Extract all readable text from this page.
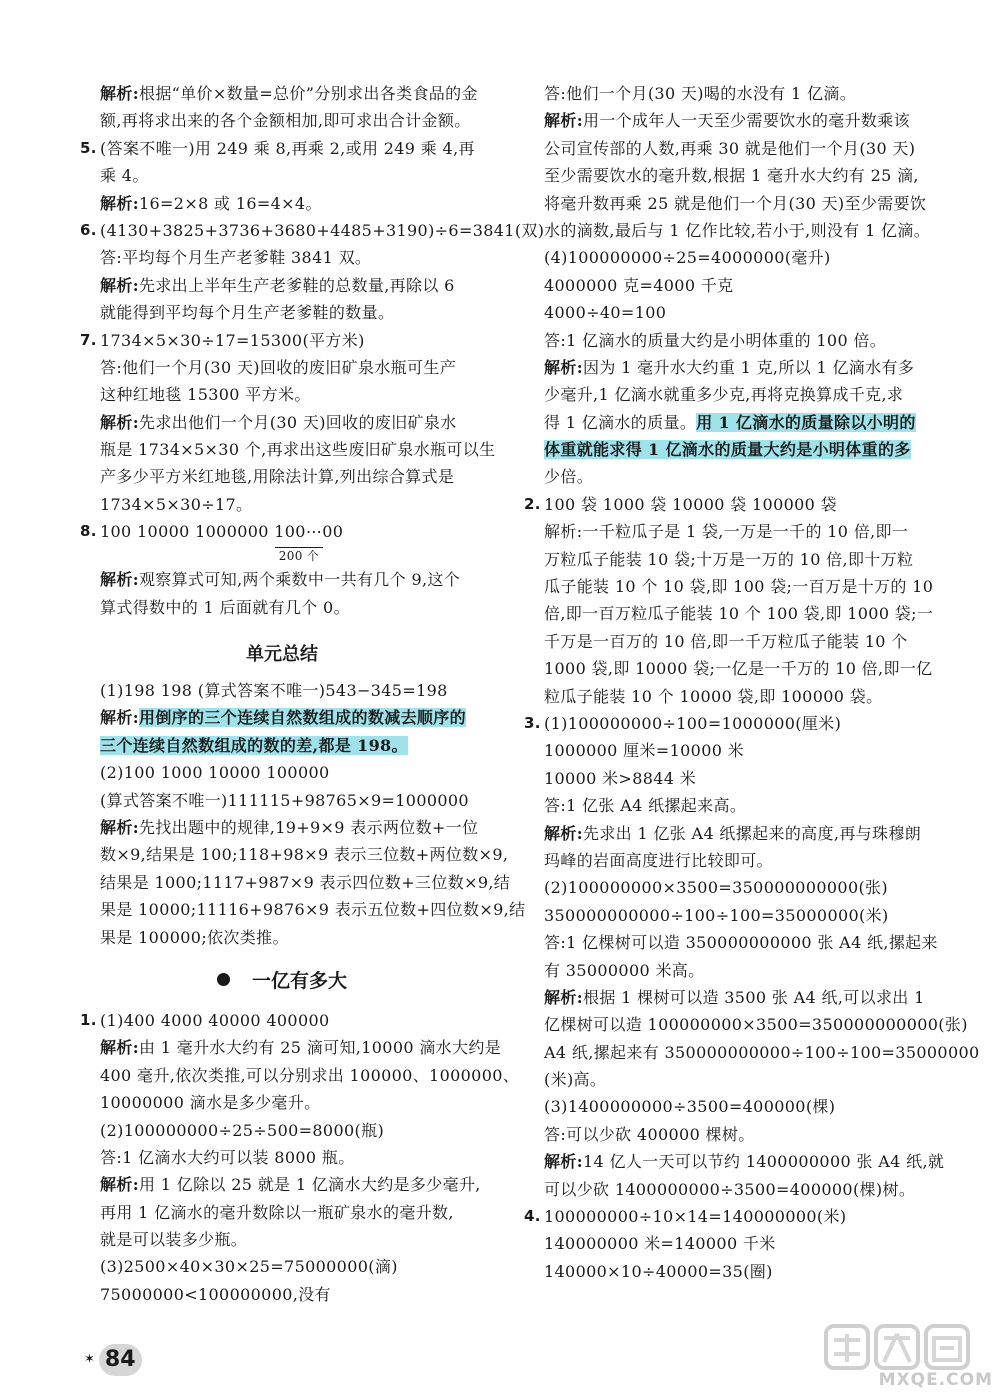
解析:根据“单价×数量=总价”分别求出各类食品的金
额,再将求出来的各个金额相加,即可求出合计金额。
5. (答案不唯一)用 249 乘 8,再乘 2,或用 249 乘 4,再
乘 4。
解析:16=2×8 或 16=4×4。
6. (4130+3825+3736+3680+4485+3190)÷6=3841(双)
答:平均每个月生产老爹鞋 3841 双。
解析:先求出上半年生产老爹鞋的总数量,再除以 6
就能得到平均每个月生产老爹鞋的数量。
7. 1734×5×30÷17=15300(平方米)
答:他们一个月(30 天)回收的废旧矿泉水瓶可生产
这种红地毯 15300 平方米。
解析:先求出他们一个月(30 天)回收的废旧矿泉水
瓶是 1734×5×30 个,再求出这些废旧矿泉水瓶可以生
产多少平方米红地毯,用除法计算,列出综合算式是
1734×5×30÷17。
8. 100 10000 1000000 100⋯00
200 个
解析:观察算式可知,两个乘数中一共有几个 9,这个
算式得数中的 1 后面就有几个 0。
单元总结
(1)198 198 (算式答案不唯一)543−345=198
解析:用倒序的三个连续自然数组成的数减去顺序的
三个连续自然数组成的数的差,都是 198。
(2)100 1000 10000 100000
(算式答案不唯一)111115+98765×9=1000000
解析:先找出题中的规律,19+9×9 表示两位数+一位
数×9,结果是 100;118+98×9 表示三位数+两位数×9,
结果是 1000;1117+987×9 表示四位数+三位数×9,结
果是 10000;11116+9876×9 表示五位数+四位数×9,结
果是 100000;依次类推。
一亿有多大
1. (1)400 4000 40000 400000
解析:由 1 毫升水大约有 25 滴可知,10000 滴水大约是
400 毫升,依次类推,可以分别求出 100000、1000000、
10000000 滴水是多少毫升。
(2)100000000÷25÷500=8000(瓶)
答:1 亿滴水大约可以装 8000 瓶。
解析:用 1 亿除以 25 就是 1 亿滴水大约是多少毫升,
再用 1 亿滴水的毫升数除以一瓶矿泉水的毫升数,
就是可以装多少瓶。
(3)2500×40×30×25=75000000(滴)
75000000<100000000,没有
答:他们一个月(30 天)喝的水没有 1 亿滴。
解析:用一个成年人一天至少需要饮水的毫升数乘该
公司宣传部的人数,再乘 30 就是他们一个月(30 天)
至少需要饮水的毫升数,根据 1 毫升水大约有 25 滴,
将毫升数再乘 25 就是他们一个月(30 天)至少需要饮
水的滴数,最后与 1 亿作比较,若小于,则没有 1 亿滴。
(4)100000000÷25=4000000(毫升)
4000000 克=4000 千克
4000÷40=100
答:1 亿滴水的质量大约是小明体重的 100 倍。
解析:因为 1 毫升水大约重 1 克,所以 1 亿滴水有多
少毫升,1 亿滴水就重多少克,再将克换算成千克,求
得 1 亿滴水的质量。用 1 亿滴水的质量除以小明的
体重就能求得 1 亿滴水的质量大约是小明体重的多
少倍。
2. 100 袋 1000 袋 10000 袋 100000 袋
解析:一千粒瓜子是 1 袋,一万是一千的 10 倍,即一
万粒瓜子能装 10 袋;十万是一万的 10 倍,即十万粒
瓜子能装 10 个 10 袋,即 100 袋;一百万是十万的 10
倍,即一百万粒瓜子能装 10 个 100 袋,即 1000 袋;一
千万是一百万的 10 倍,即一千万粒瓜子能装 10 个
1000 袋,即 10000 袋;一亿是一千万的 10 倍,即一亿
粒瓜子能装 10 个 10000 袋,即 100000 袋。
3. (1)100000000÷100=1000000(厘米)
1000000 厘米=10000 米
10000 米>8844 米
答:1 亿张 A4 纸摞起来高。
解析:先求出 1 亿张 A4 纸摞起来的高度,再与珠穆朗
玛峰的岩面高度进行比较即可。
(2)100000000×3500=350000000000(张)
350000000000÷100÷100=35000000(米)
答:1 亿棵树可以造 350000000000 张 A4 纸,摞起来
有 35000000 米高。
解析:根据 1 棵树可以造 3500 张 A4 纸,可以求出 1
亿棵树可以造 100000000×3500=350000000000(张)
A4 纸,摞起来有 350000000000÷100÷100=35000000
(米)高。
(3)1400000000÷3500=400000(棵)
答:可以少砍 400000 棵树。
解析:14 亿人一天可以节约 1400000000 张 A4 纸,就
可以少砍 1400000000÷3500=400000(棵)树。
4. 100000000÷10×14=140000000(米)
140000000 米=140000 千米
140000×10÷40000=35(圈)
✶ 84
MXQE.COM
